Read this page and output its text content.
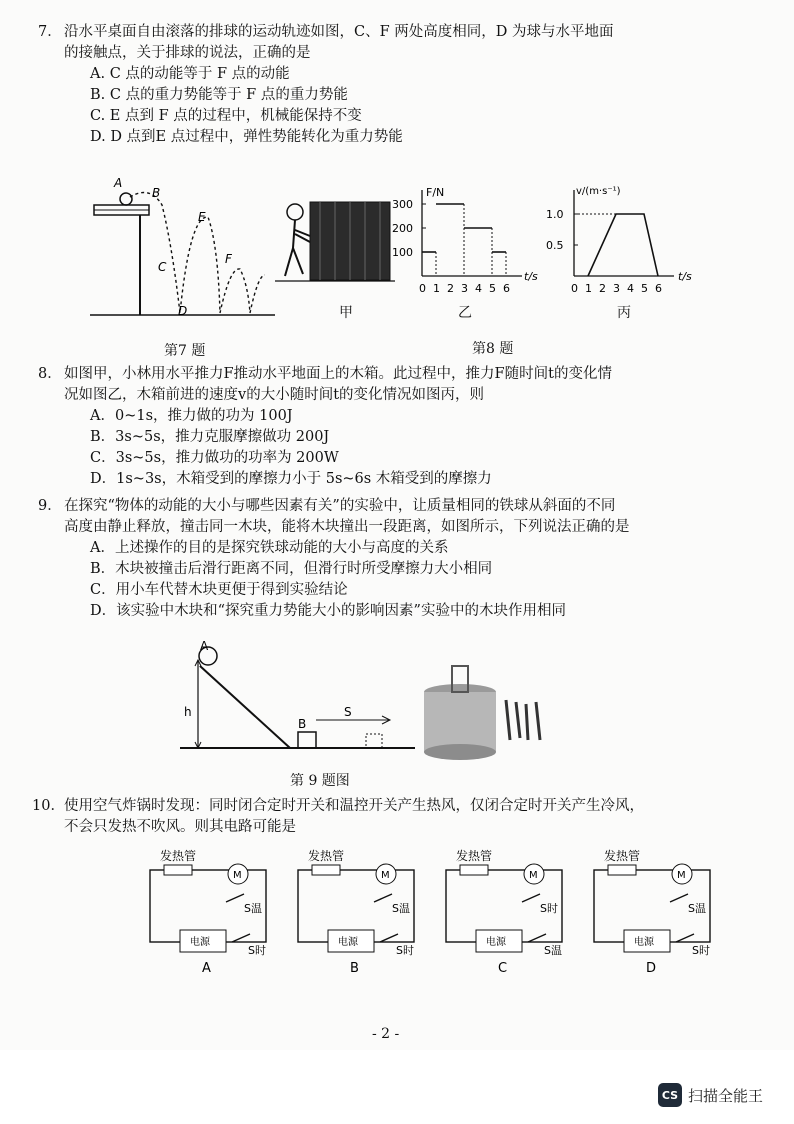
7． 沿水平桌面自由滚落的排球的运动轨迹如图，C、F 两处高度相同，D 为球与水平地面
的接触点，关于排球的说法，正确的是
A. C 点的动能等于 F 点的动能
B. C 点的重力势能等于 F 点的重力势能
C. E 点到 F 点的过程中，机械能保持不变
D. D 点到E 点过程中，弹性势能转化为重力势能
A
B
C
D
E
F
第7 题
甲
F/N
t/s
300
200
100
0 1 2 3 4 5 6
乙
v/(m·s⁻¹)
t/s
1.0
0.5
0 1 2 3 4 5 6
丙
第8 题
8． 如图甲，小林用水平推力F推动水平地面上的木箱。此过程中，推力F随时间t的变化情
况如图乙，木箱前进的速度v的大小随时间t的变化情况如图丙，则
A．0~1s，推力做的功为 100J
B．3s~5s，推力克服摩擦做功 200J
C．3s~5s，推力做功的功率为 200W
D．1s~3s，木箱受到的摩擦力小于 5s~6s 木箱受到的摩擦力
9． 在探究“物体的动能的大小与哪些因素有关”的实验中，让质量相同的铁球从斜面的不同
高度由静止释放，撞击同一木块，能将木块撞出一段距离，如图所示，下列说法正确的是
A．上述操作的目的是探究铁球动能的大小与高度的关系
B．木块被撞击后滑行距离不同，但滑行时所受摩擦力大小相同
C．用小车代替木块更便于得到实验结论
D．该实验中木块和“探究重力势能大小的影响因素”实验中的木块作用相同
A
h
B
S
第 9 题图
10． 使用空气炸锅时发现：同时闭合定时开关和温控开关产生热风，仅闭合定时开关产生冷风，
不会只发热不吹风。则其电路可能是
发热管
M
S温
电源
S时
A
发热管
M
S温
电源
S时
B
发热管
M
S时
电源
S温
C
发热管
M
S温
电源
S时
D
- 2 -
CS 扫描全能王
